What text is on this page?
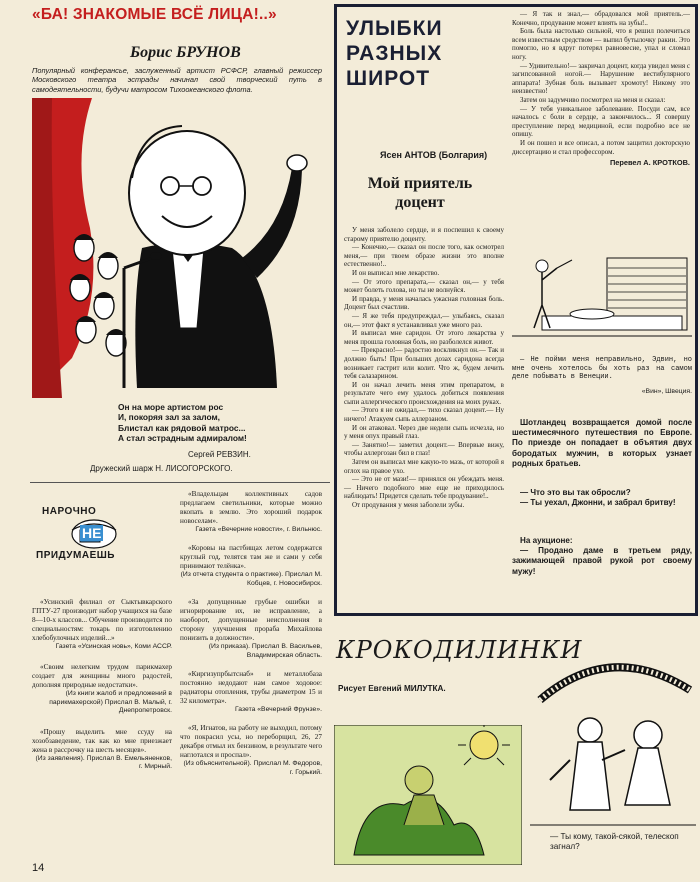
«БА! ЗНАКОМЫЕ ВСЁ ЛИЦА!..»
Борис БРУНОВ
Популярный конферансье, заслуженный артист РСФСР, главный режиссер Московского театра эстрады начинал свой творческий путь в самодеятельности, будучи матросом Тихоокеанского флота.
Он на море артистом рос
И, покоряя зал за залом,
Блистал как рядовой матрос...
А стал эстрадным адмиралом!
Сергей РЕВЗИН.
Дружеский шарж Н. ЛИСОГОРСКОГО.
НАРОЧНО
НЕ
ПРИДУМАЕШЬ

«Владельцам коллективных садов предлагаем светильники, которые можно вкопать в землю. Это хороший подарок новоселам».

Газета «Вечерние новости», г. Вильнюс.

«Коровы на пастбищах летом содержатся круглый год, телятся там же и сами у себя принимают телёнка».

(Из отчета студента о практике). Прислал М. Кобцев, г. Новосибирск.

«За допущенные грубые ошибки и игнорирование их, не исправление, а наоборот, допущенные неисполнения в сторону улучшения прораба Михайлова понизить в должности».

(Из приказа). Прислал В. Васильев, Владимирская область.

«Киргизупрбытснаб» и металлобаза постоянно недодают нам самое ходовое: радиаторы отопления, трубы диаметром 15 и 32 километра».

Газета «Вечерний Фрунзе».

«Я, Игнатов, на работу не выходил, потому что покрасил усы, но переборщил, 26, 27 декабря отмыл их бензином, в результате чего наглотался и проспал».

(Из объяснительной). Прислал М. Федоров, г. Горький.

«Усинский филиал от Сыктывкарского ГПТУ-27 производит набор учащихся на базе 8—10-х классов... Обучение производится по специальностям: токарь по изготовлению хлебобулочных изделий...»

Газета «Усинская новь», Коми АССР.

«Своим нелегким трудом парикмахер создает для женщины много радостей, дополняя природные недостатки».

(Из книги жалоб и предложений в парикмахерской) Прислал В. Малый, г. Днепропетровск.

«Прошу выделить мне ссуду на хозобзаведение, так как ко мне приезжает жена в рассрочку на шесть месяцев».

(Из заявления). Прислал В. Емельяненков, г. Мирный.
14
УЛЫБКИ
РАЗНЫХ
ШИРОТ
Ясен АНТОВ (Болгария)
Мой приятель доцент

У меня заболело сердце, и я поспешил к своему старому приятелю доценту.

— Конечно,— сказал он после того, как осмотрел меня,— при твоем образе жизни это вполне естественно!..

И он выписал мне лекарство.

— От этого препарата,— сказал он,— у тебя может болеть голова, но ты не волнуйся.

И правда, у меня началась ужасная головная боль. Доцент был счастлив.

— Я же тебя предупреждал,— улыбаясь, сказал он,— этот факт я устанавливал уже много раз.

И выписал мне саридон. От этого лекарства у меня прошла головная боль, но разболелся живот.

— Прекрасно!— радостно воскликнул он.— Так и должно быть! При больших дозах саридона всегда возникает гастрит или колит. Что ж, будем лечить тебя салазарином.

И он начал лечить меня этим препаратом, в результате чего ему удалось добиться появления сыпи аллергического происхождения на моих руках.

— Этого я не ожидал,— тихо сказал доцент.— Ну ничего! Атакуем сыпь аллерзаном.

И он атаковал. Через две недели сыпь исчезла, но у меня опух правый глаз.

— Занятно!— заметил доцент.— Впервые вижу, чтобы аллергозан бил в глаз!

Затем он выписал мне какую-то мазь, от которой я оглох на правое ухо.

— Это не от мази!— принялся он убеждать меня.— Ничего подобного мне еще не приходилось наблюдать! Придется сделать тебе продувание!..

От продувания у меня заболели зубы.

— Я так и знал,— обрадовался мой приятель.— Конечно, продувание может влиять на зубы!..

Боль была настолько сильной, что я решил полечиться всем известным средством — выпил бутылочку ракии. Это помогло, но я вдруг потерял равновесие, упал и сломал ногу.

— Удивительно!— закричал доцент, когда увидел меня с загипсованной ногой.— Нарушение вестибулярного аппарата! Зубная боль вызывает хромоту! Никому это неизвестно!

Затем он задумчиво посмотрел на меня и сказал:

— У тебя уникальное заболевание. Посуди сам, все началось с боли в сердце, а закончилось... Я совершу преступление перед медициной, если подробно все не опишу.

И он пошел и все описал, а потом защитил докторскую диссертацию и стал профессором.

Перевел А. КРОТКОВ.

— Не пойми меня неправильно, Эдвин, но мне очень хотелось бы хоть раз на самом деле побывать в Венеции.

«Вин», Швеция.
Шотландец возвращается домой после шестимесячного путешествия по Европе. По приезде он попадает в объятия двух бородатых мужчин, в которых узнает родных братьев.
— Что это вы так обросли?
— Ты уехал, Джонни, и забрал бритву!
На аукционе:
— Продано даме в третьем ряду, зажимающей правой рукой рот своему мужу!
КРОКОДИЛИНКИ
Рисует Евгений МИЛУТКА.
— Ты кому, такой-сякой, телескоп загнал?
